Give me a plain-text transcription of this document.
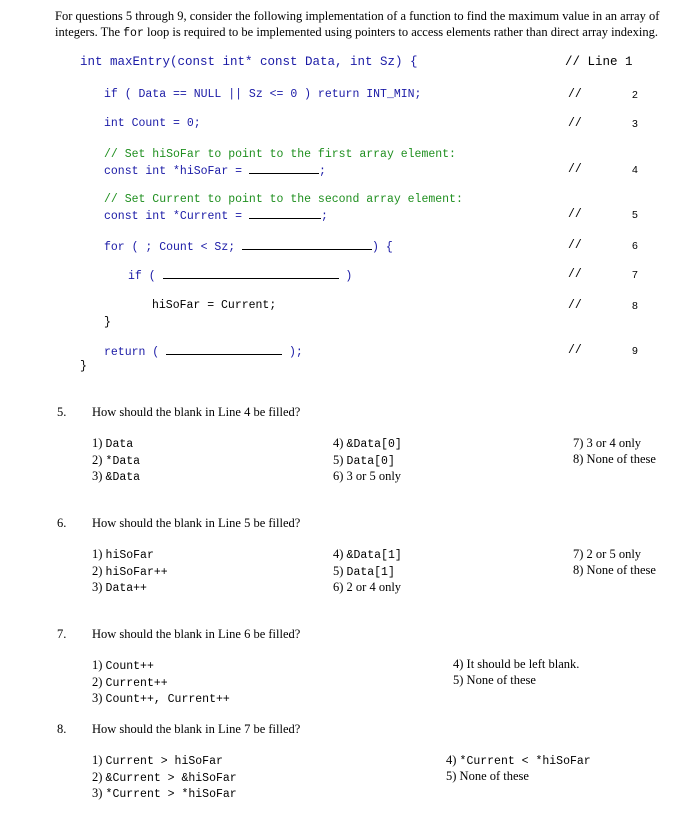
For questions 5 through 9, consider the following implementation of a function to find the maximum value in an array of integers. The for loop is required to be implemented using pointers to access elements rather than direct array indexing.
int maxEntry(const int* const Data, int Sz) {	// Line 1
if ( Data == NULL || Sz <= 0 ) return INT_MIN;	//	2
int Count = 0;	//	3
// Set hiSoFar to point to the first array element:
const int *hiSoFar =	;	//	4
// Set Current to point to the second array element:
const int *Current =	;	//	5
for ( ; Count < Sz;	) {	//	6
if (	)	//	7
hiSoFar = Current;	//	8
}
return (	);	//	9
}
5. How should the blank in Line 4 be filled?
1) Data
2) *Data
3) &Data
4) &Data[0]
5) Data[0]
6) 3 or 5 only
7) 3 or 4 only
8) None of these
6. How should the blank in Line 5 be filled?
1) hiSoFar
2) hiSoFar++
3) Data++
4) &Data[1]
5) Data[1]
6) 2 or 4 only
7) 2 or 5 only
8) None of these
7. How should the blank in Line 6 be filled?
1) Count++
2) Current++
3) Count++, Current++
4) It should be left blank.
5) None of these
8. How should the blank in Line 7 be filled?
1) Current > hiSoFar
2) &Current > &hiSoFar
3) *Current > *hiSoFar
4) *Current < *hiSoFar
5) None of these
